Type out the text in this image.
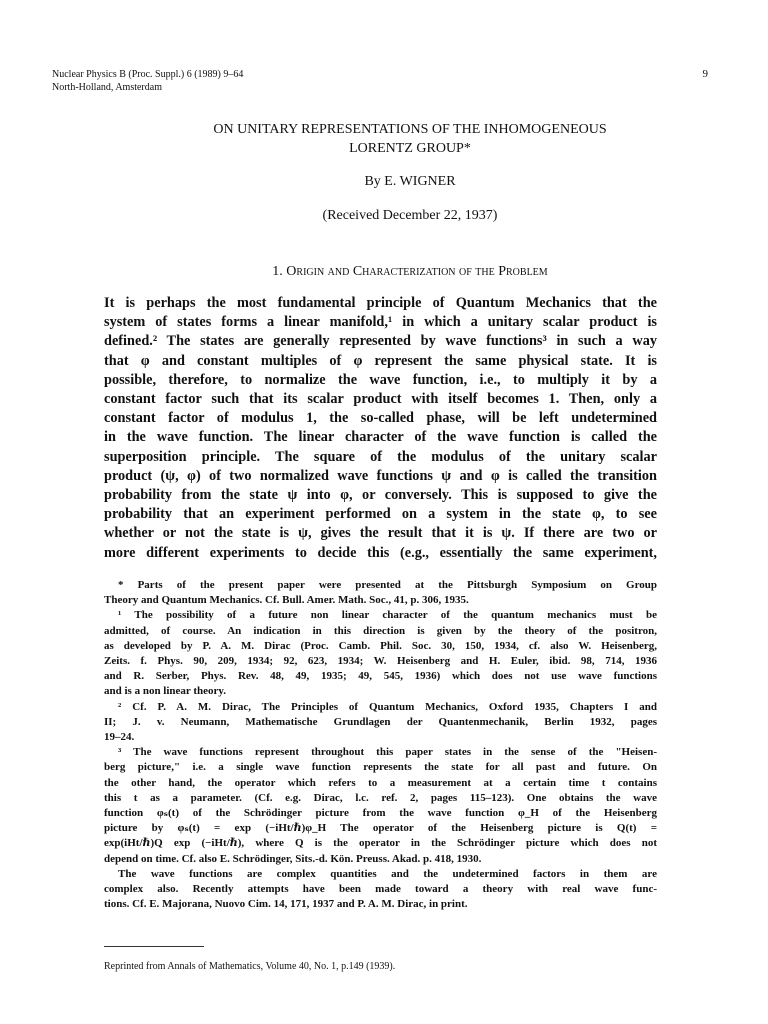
Nuclear Physics B (Proc. Suppl.) 6 (1989) 9–64
North-Holland, Amsterdam
9
ON UNITARY REPRESENTATIONS OF THE INHOMOGENEOUS
LORENTZ GROUP*
By E. WIGNER
(Received December 22, 1937)
1. Origin and Characterization of the Problem
It is perhaps the most fundamental principle of Quantum Mechanics that the
system of states forms a linear manifold,¹ in which a unitary scalar product is
defined.² The states are generally represented by wave functions³ in such a way
that φ and constant multiples of φ represent the same physical state. It is
possible, therefore, to normalize the wave function, i.e., to multiply it by a
constant factor such that its scalar product with itself becomes 1. Then, only a
constant factor of modulus 1, the so-called phase, will be left undetermined
in the wave function. The linear character of the wave function is called the
superposition principle. The square of the modulus of the unitary scalar
product (ψ, φ) of two normalized wave functions ψ and φ is called the transition
probability from the state ψ into φ, or conversely. This is supposed to give the
probability that an experiment performed on a system in the state φ, to see
whether or not the state is ψ, gives the result that it is ψ. If there are two or
more different experiments to decide this (e.g., essentially the same experiment,
* Parts of the present paper were presented at the Pittsburgh Symposium on Group
Theory and Quantum Mechanics. Cf. Bull. Amer. Math. Soc., 41, p. 306, 1935.
¹ The possibility of a future non linear character of the quantum mechanics must be
admitted, of course. An indication in this direction is given by the theory of the positron,
as developed by P. A. M. Dirac (Proc. Camb. Phil. Soc. 30, 150, 1934, cf. also W. Heisenberg,
Zeits. f. Phys. 90, 209, 1934; 92, 623, 1934; W. Heisenberg and H. Euler, ibid. 98, 714, 1936
and R. Serber, Phys. Rev. 48, 49, 1935; 49, 545, 1936) which does not use wave functions
and is a non linear theory.
² Cf. P. A. M. Dirac, The Principles of Quantum Mechanics, Oxford 1935, Chapters I and
II; J. v. Neumann, Mathematische Grundlagen der Quantenmechanik, Berlin 1932, pages
19–24.
³ The wave functions represent throughout this paper states in the sense of the "Heisen-
berg picture," i.e. a single wave function represents the state for all past and future. On
the other hand, the operator which refers to a measurement at a certain time t contains
this t as a parameter. (Cf. e.g. Dirac, l.c. ref. 2, pages 115–123). One obtains the wave
function φₛ(t) of the Schrödinger picture from the wave function φ_H of the Heisenberg
picture by φₛ(t) = exp (−iHt/ℏ)φ_H The operator of the Heisenberg picture is Q(t) =
exp(iHt/ℏ)Q exp (−iHt/ℏ), where Q is the operator in the Schrödinger picture which does not
depend on time. Cf. also E. Schrödinger, Sits.-d. Kön. Preuss. Akad. p. 418, 1930.
The wave functions are complex quantities and the undetermined factors in them are
complex also. Recently attempts have been made toward a theory with real wave func-
tions. Cf. E. Majorana, Nuovo Cim. 14, 171, 1937 and P. A. M. Dirac, in print.
Reprinted from Annals of Mathematics, Volume 40, No. 1, p.149 (1939).
